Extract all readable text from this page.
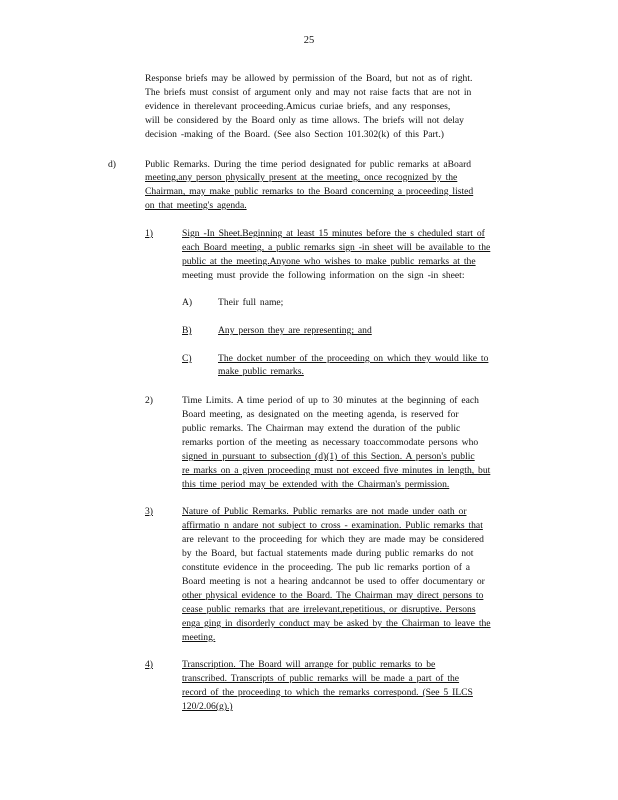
25
Response briefs may be allowed by permission of the Board, but not as of right.
The briefs must consist of argument only and may not raise facts that are not in
evidence in therelevant proceeding.Amicus curiae briefs, and any responses,
will be considered by the Board only as time allows. The briefs will not delay
decision -making of the Board. (See also Section 101.302(k) of this Part.)
d)	Public Remarks. During the time period designated for public remarks at aBoard
meeting,any person physically present at the meeting, once recognized by the
Chairman, may make public remarks to the Board concerning a proceeding listed
on that meeting's agenda.
1)	Sign -In Sheet.Beginning at least 15 minutes before the s cheduled start of
each Board meeting, a public remarks sign -in sheet will be available to the
public at the meeting.Anyone who wishes to make public remarks at the
meeting must provide the following information on the sign -in sheet:
A)	Their full name;
B)	Any person they are representing; and
C)	The docket number of the proceeding on which they would like to
make public remarks.
2)	Time Limits. A time period of up to 30 minutes at the beginning of each
Board meeting, as designated on the meeting agenda, is reserved for
public remarks. The Chairman may extend the duration of the public
remarks portion of the meeting as necessary toaccommodate persons who
signed in pursuant to subsection (d)(1) of this Section. A person's public
re marks on a given proceeding must not exceed five minutes in length, but
this time period may be extended with the Chairman's permission.
3)	Nature of Public Remarks. Public remarks are not made under oath or
affirmatio n andare not subject to cross - examination. Public remarks that
are relevant to the proceeding for which they are made may be considered
by the Board, but factual statements made during public remarks do not
constitute evidence in the proceeding. The pub lic remarks portion of a
Board meeting is not a hearing andcannot be used to offer documentary or
other physical evidence to the Board. The Chairman may direct persons to
cease public remarks that are irrelevant,repetitious, or disruptive. Persons
enga ging in disorderly conduct may be asked by the Chairman to leave the
meeting.
4)	Transcription. The Board will arrange for public remarks to be
transcribed. Transcripts of public remarks will be made a part of the
record of the proceeding to which the remarks correspond. (See 5 ILCS
120/2.06(g).)
